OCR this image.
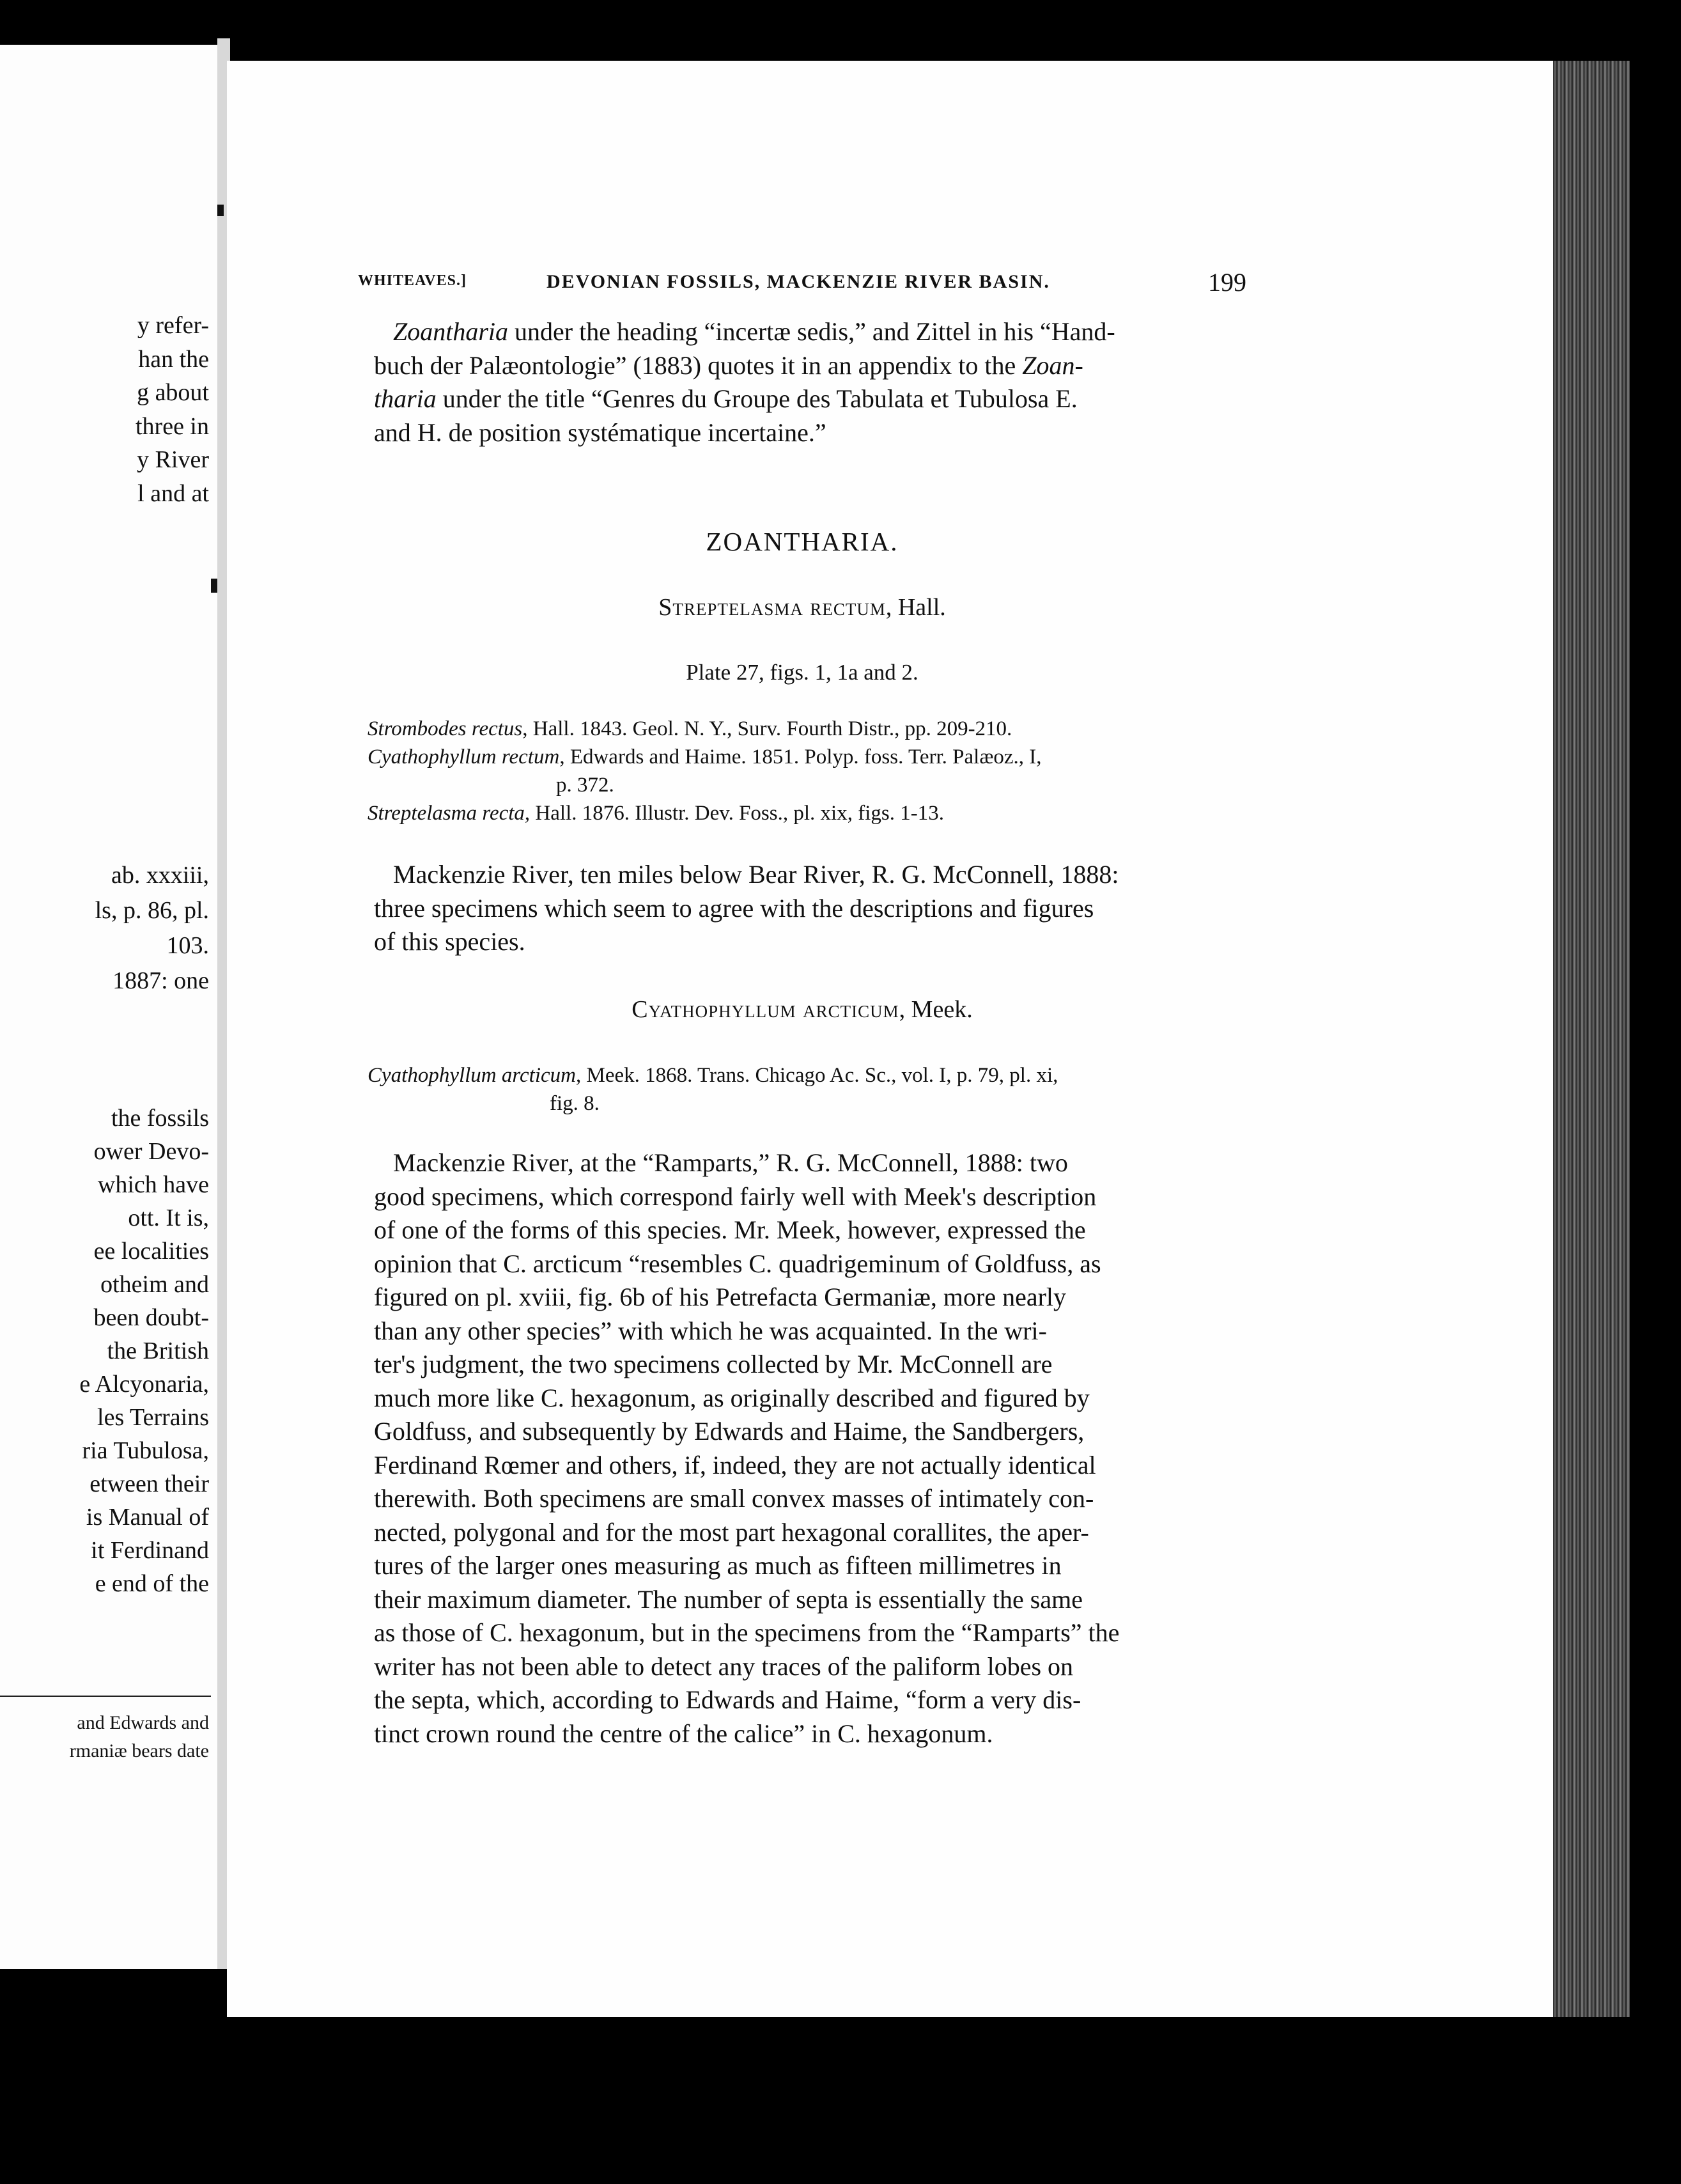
y refer-
han the
g about
three in
y River
l and at
ab. xxxiii,
ls, p. 86, pl.
103.
1887: one
the fossils
ower Devo-
which have
ott. It is,
ee localities
otheim and
been doubt-
the British
e Alcyonaria,
les Terrains
ria Tubulosa,
etween their
is Manual of
it Ferdinand
e end of the
and Edwards and
rmaniæ bears date
WHITEAVES.]	DEVONIAN FOSSILS, MACKENZIE RIVER BASIN.	199
Zoantharia under the heading “incertæ sedis,” and Zittel in his “Hand-
buch der Palæontologie” (1883) quotes it in an appendix to the Zoan-
tharia under the title “Genres du Groupe des Tabulata et Tubulosa E.
and H. de position systématique incertaine.”
ZOANTHARIA.
Streptelasma rectum, Hall.
Plate 27, figs. 1, 1a and 2.
Strombodes rectus, Hall. 1843. Geol. N. Y., Surv. Fourth Distr., pp. 209-210.
Cyathophyllum rectum, Edwards and Haime. 1851. Polyp. foss. Terr. Palæoz., I,
p. 372.
Streptelasma recta, Hall. 1876. Illustr. Dev. Foss., pl. xix, figs. 1-13.
Mackenzie River, ten miles below Bear River, R. G. McConnell, 1888:
three specimens which seem to agree with the descriptions and figures
of this species.
Cyathophyllum arcticum, Meek.
Cyathophyllum arcticum, Meek. 1868. Trans. Chicago Ac. Sc., vol. I, p. 79, pl. xi,
fig. 8.
Mackenzie River, at the “Ramparts,” R. G. McConnell, 1888: two
good specimens, which correspond fairly well with Meek's description
of one of the forms of this species. Mr. Meek, however, expressed the
opinion that C. arcticum “resembles C. quadrigeminum of Goldfuss, as
figured on pl. xviii, fig. 6b of his Petrefacta Germaniæ, more nearly
than any other species” with which he was acquainted. In the wri-
ter's judgment, the two specimens collected by Mr. McConnell are
much more like C. hexagonum, as originally described and figured by
Goldfuss, and subsequently by Edwards and Haime, the Sandbergers,
Ferdinand Rœmer and others, if, indeed, they are not actually identical
therewith. Both specimens are small convex masses of intimately con-
nected, polygonal and for the most part hexagonal corallites, the aper-
tures of the larger ones measuring as much as fifteen millimetres in
their maximum diameter. The number of septa is essentially the same
as those of C. hexagonum, but in the specimens from the “Ramparts” the
writer has not been able to detect any traces of the paliform lobes on
the septa, which, according to Edwards and Haime, “form a very dis-
tinct crown round the centre of the calice” in C. hexagonum.
